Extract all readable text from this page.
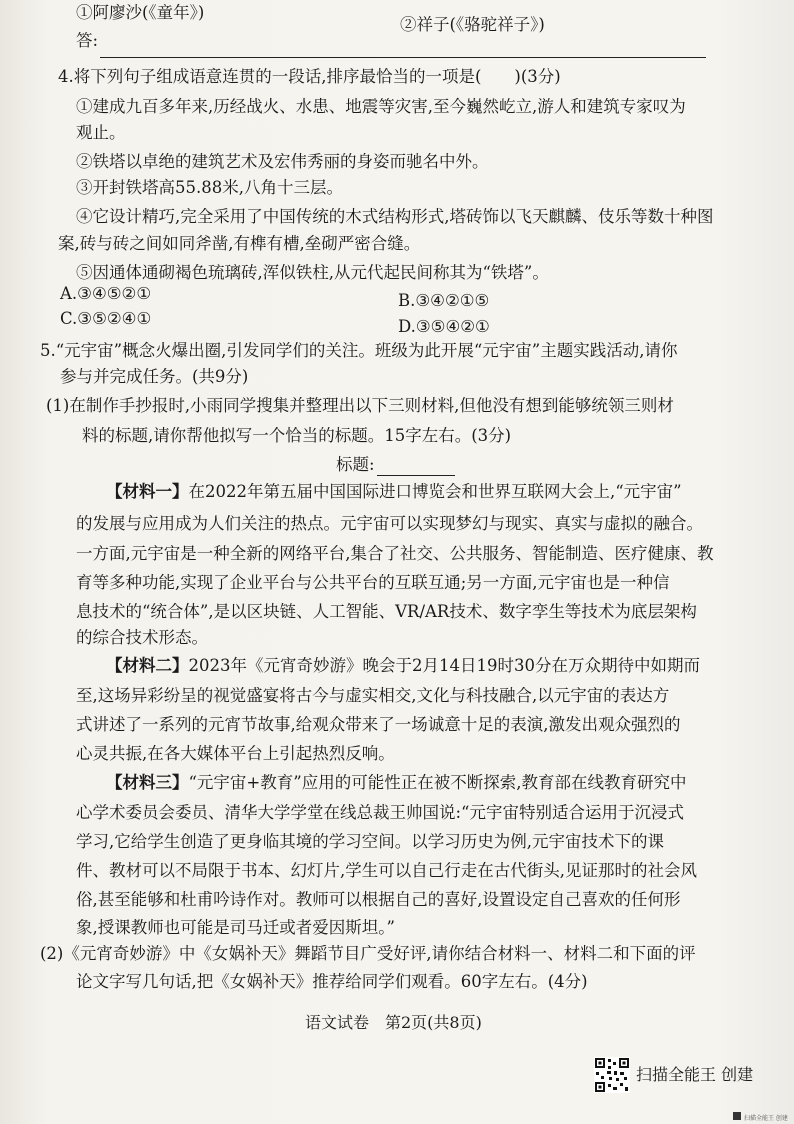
①阿廖沙(《童年》)
②祥子(《骆驼祥子》)
答:
4.将下列句子组成语意连贯的一段话,排序最恰当的一项是(　　)(3分)
①建成九百多年来,历经战火、水患、地震等灾害,至今巍然屹立,游人和建筑专家叹为
观止。
②铁塔以卓绝的建筑艺术及宏伟秀丽的身姿而驰名中外。
③开封铁塔高55.88米,八角十三层。
④它设计精巧,完全采用了中国传统的木式结构形式,塔砖饰以飞天麒麟、伎乐等数十种图
案,砖与砖之间如同斧凿,有榫有槽,垒砌严密合缝。
⑤因通体通砌褐色琉璃砖,浑似铁柱,从元代起民间称其为“铁塔”。
A.③④⑤②①	B.③④②①⑤
C.③⑤②④①	D.③⑤④②①
5.“元宇宙”概念火爆出圈,引发同学们的关注。班级为此开展“元宇宙”主题实践活动,请你
参与并完成任务。(共9分)
(1)在制作手抄报时,小雨同学搜集并整理出以下三则材料,但他没有想到能够统领三则材
料的标题,请你帮他拟写一个恰当的标题。15字左右。(3分)
标题:
【材料一】在2022年第五届中国国际进口博览会和世界互联网大会上,“元宇宙”
的发展与应用成为人们关注的热点。元宇宙可以实现梦幻与现实、真实与虚拟的融合。
一方面,元宇宙是一种全新的网络平台,集合了社交、公共服务、智能制造、医疗健康、教
育等多种功能,实现了企业平台与公共平台的互联互通;另一方面,元宇宙也是一种信
息技术的“统合体”,是以区块链、人工智能、VR/AR技术、数字孪生等技术为底层架构
的综合技术形态。
【材料二】2023年《元宵奇妙游》晚会于2月14日19时30分在万众期待中如期而
至,这场异彩纷呈的视觉盛宴将古今与虚实相交,文化与科技融合,以元宇宙的表达方
式讲述了一系列的元宵节故事,给观众带来了一场诚意十足的表演,激发出观众强烈的
心灵共振,在各大媒体平台上引起热烈反响。
【材料三】“元宇宙+教育”应用的可能性正在被不断探索,教育部在线教育研究中
心学术委员会委员、清华大学学堂在线总裁王帅国说:“元宇宙特别适合运用于沉浸式
学习,它给学生创造了更身临其境的学习空间。以学习历史为例,元宇宙技术下的课
件、教材可以不局限于书本、幻灯片,学生可以自己行走在古代街头,见证那时的社会风
俗,甚至能够和杜甫吟诗作对。教师可以根据自己的喜好,设置设定自己喜欢的任何形
象,授课教师也可能是司马迁或者爱因斯坦。”
(2)《元宵奇妙游》中《女娲补天》舞蹈节目广受好评,请你结合材料一、材料二和下面的评
论文字写几句话,把《女娲补天》推荐给同学们观看。60字左右。(4分)
语文试卷　第2页(共8页)
扫描全能王 创建
扫描全能王 创建
